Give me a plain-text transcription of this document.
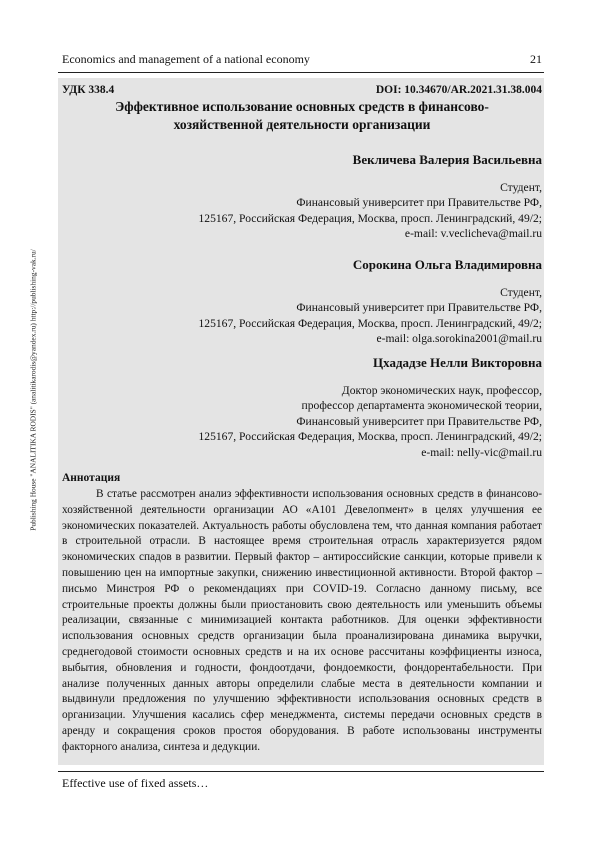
Economics and management of a national economy	21
Publishing House "ANALITIKA RODIS" (analitikarodis@yandex.ru) http://publishing-vak.ru/
УДК 338.4	DOI: 10.34670/AR.2021.31.38.004
Эффективное использование основных средств в финансово-
хозяйственной деятельности организации
Векличева Валерия Васильевна
Студент,
Финансовый университет при Правительстве РФ,
125167, Российская Федерация, Москва, просп. Ленинградский, 49/2;
e-mail: v.veclicheva@mail.ru
Сорокина Ольга Владимировна
Студент,
Финансовый университет при Правительстве РФ,
125167, Российская Федерация, Москва, просп. Ленинградский, 49/2;
e-mail: olga.sorokina2001@mail.ru
Цхададзе Нелли Викторовна
Доктор экономических наук, профессор,
профессор департамента экономической теории,
Финансовый университет при Правительстве РФ,
125167, Российская Федерация, Москва, просп. Ленинградский, 49/2;
e-mail: nelly-vic@mail.ru
Аннотация

В статье рассмотрен анализ эффективности использования основных средств в финансово-хозяйственной деятельности организации АО «А101 Девелопмент» в целях улучшения ее экономических показателей. Актуальность работы обусловлена тем, что данная компания работает в строительной отрасли. В настоящее время строительная отрасль характеризуется рядом экономических спадов в развитии. Первый фактор – антироссийские санкции, которые привели к повышению цен на импортные закупки, снижению инвестиционной активности. Второй фактор – письмо Минстроя РФ о рекомендациях при COVID-19. Согласно данному письму, все строительные проекты должны были приостановить свою деятельность или уменьшить объемы реализации, связанные с минимизацией контакта работников. Для оценки эффективности использования основных средств организации была проанализирована динамика выручки, среднегодовой стоимости основных средств и на их основе рассчитаны коэффициенты износа, выбытия, обновления и годности, фондоотдачи, фондоемкости, фондорентабельности. При анализе полученных данных авторы определили слабые места в деятельности компании и выдвинули предложения по улучшению эффективности использования основных средств в организации. Улучшения касались сфер менеджмента, системы передачи основных средств в аренду и сокращения сроков простоя оборудования. В работе использованы инструменты факторного анализа, синтеза и дедукции.

Effective use of fixed assets…
